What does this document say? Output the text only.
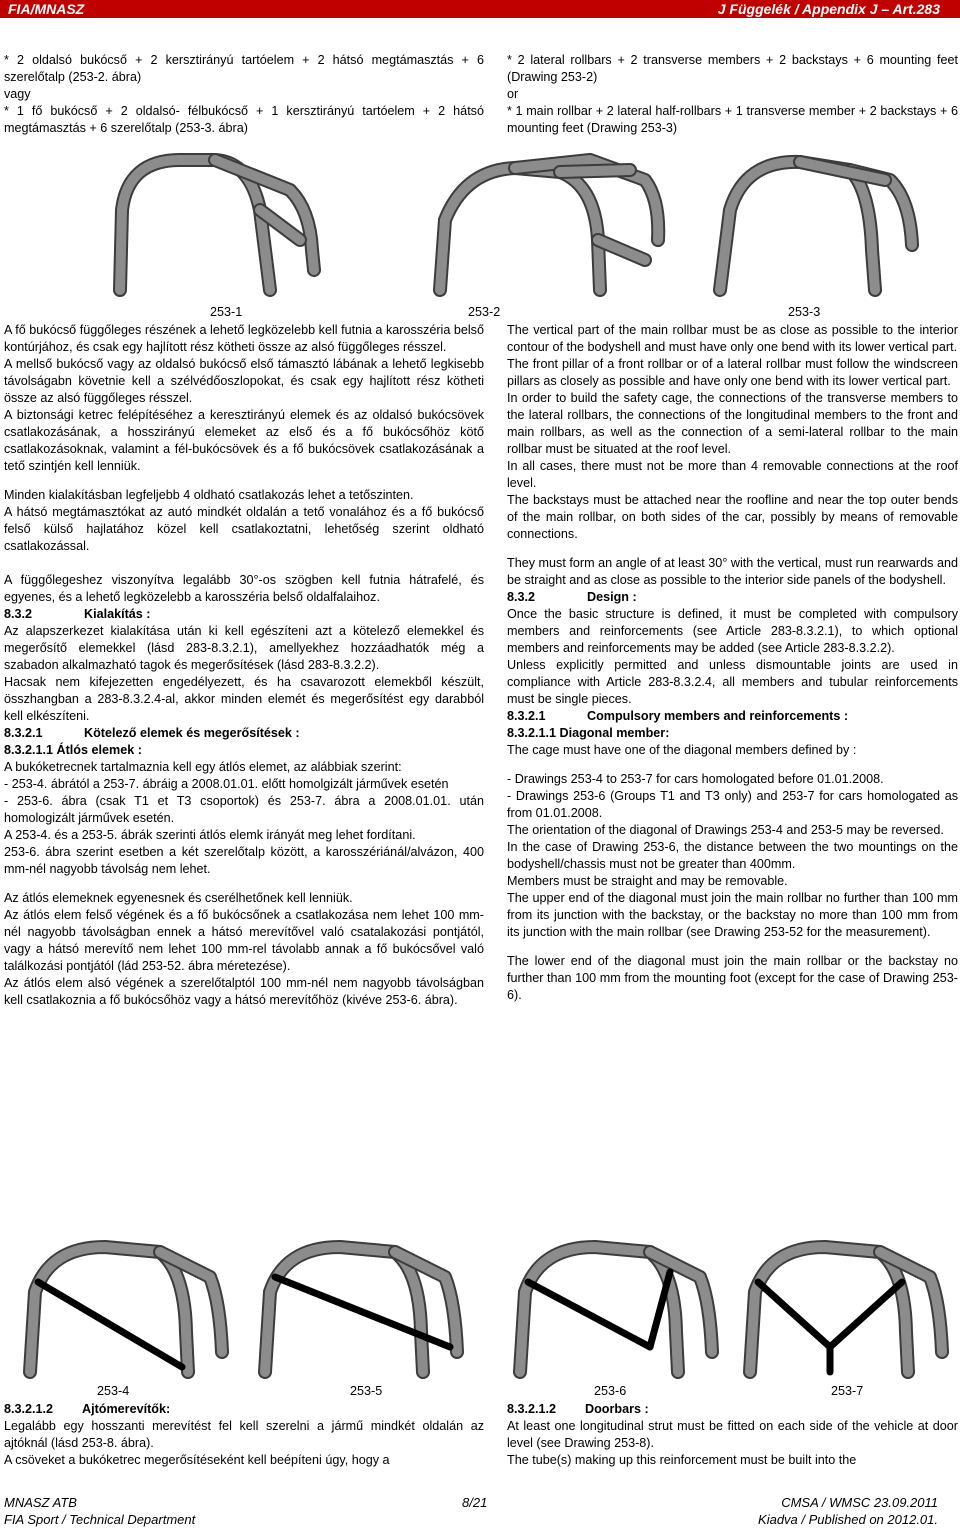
FIA/MNASZ	J Függelék / Appendix J – Art.283

* 2 oldalsó bukócső + 2 kersztirányú tartóelem + 2 hátsó megtámasztás + 6 szerelőtalp (253-2. ábra)

vagy

* 1 fő bukócső + 2 oldalsó- félbukócső + 1 kersztirányú tartóelem + 2 hátsó megtámasztás + 6 szerelőtalp (253-3. ábra)

* 2 lateral rollbars + 2 transverse members + 2 backstays + 6 mounting feet (Drawing 253-2)

or

* 1 main rollbar + 2 lateral half-rollbars + 1 transverse member + 2 backstays + 6 mounting feet (Drawing 253-3)

253-1	253-2	253-3

A fő bukócső függőleges részének a lehető legközelebb kell futnia a karosszéria belső kontúrjához, és csak egy hajlított rész kötheti össze az alsó függőleges résszel.

A mellső bukócső vagy az oldalsó bukócső első támasztó lábának a lehető legkisebb távolságabn követnie kell a szélvédőoszlopokat, és csak egy hajlított rész kötheti össze az alsó függőleges résszel.

A biztonsági ketrec felépítéséhez a keresztirányú elemek és az oldalsó bukócsövek csatlakozásának, a hosszirányú elemeket az első és a fő bukócsőhöz kötő csatlakozásoknak, valamint a fél-bukócsövek és a fő bukócsövek csatlakozásának a tető szintjén kell lenniük.

Minden kialakításban legfeljebb 4 oldható csatlakozás lehet a tetőszinten.

A hátsó megtámasztókat az autó mindkét oldalán a tető vonalához és a fő bukócső felső külső hajlatához közel kell csatlakoztatni, lehetőség szerint oldható csatlakozással.

A függőlegeshez viszonyítva legalább 30°-os szögben kell futnia hátrafelé, és egyenes, és a lehető legközelebb a karosszéria belső oldalfalaihoz.

8.3.2	Kialakítás :

Az alapszerkezet kialakítása után ki kell egészíteni azt a kötelező elemekkel és megerősítő elemekkel (lásd 283-8.3.2.1), amellyekhez hozzáadhatók még a szabadon alkalmazható tagok és megerősítések (lásd 283-8.3.2.2).

Hacsak nem kifejezetten engedélyezett, és ha csavarozott elemekből készült, összhangban a 283-8.3.2.4-al, akkor minden elemét és megerősítést egy darabból kell elkészíteni.

8.3.2.1	Kötelező elemek és megerősítések :

8.3.2.1.1 Átlós elemek :

A bukóketrecnek tartalmaznia kell egy átlós elemet, az alábbiak szerint:

- 253-4. ábrától a 253-7. ábráig a 2008.01.01. előtt homolgizált járművek esetén

- 253-6. ábra (csak T1 et T3 csoportok) és 253-7. ábra a 2008.01.01. után homologizált járművek esetén.

A 253-4. és a 253-5. ábrák szerinti átlós elemk irányát meg lehet fordítani.

253-6. ábra szerint esetben a két szerelőtalp között, a karosszériánál/alvázon, 400 mm-nél nagyobb távolság nem lehet.

Az átlós elemeknek egyenesnek és cserélhetőnek kell lenniük.

Az átlós elem felső végének és a fő bukócsőnek a csatlakozása nem lehet 100 mm-nél nagyobb távolságban ennek a hátsó merevítővel való csatalakozási pontjától, vagy a hátsó merevítő nem lehet 100 mm-rel távolabb annak a fő bukócsővel való találkozási pontjától (lád 253-52. ábra méretezése).

Az átlós elem alsó végének a szerelőtalptól 100 mm-nél nem nagyobb távolságban kell csatlakoznia a fő bukócsőhöz vagy a hátsó merevítőhöz (kivéve 253-6. ábra).

The vertical part of the main rollbar must be as close as possible to the interior contour of the bodyshell and must have only one bend with its lower vertical part.

The front pillar of a front rollbar or of a lateral rollbar must follow the windscreen pillars as closely as possible and have only one bend with its lower vertical part.

In order to build the safety cage, the connections of the transverse members to the lateral rollbars, the connections of the longitudinal members to the front and main rollbars, as well as the connection of a semi-lateral rollbar to the main rollbar must be situated at the roof level.

In all cases, there must not be more than 4 removable connections at the roof level.

The backstays must be attached near the roofline and near the top outer bends of the main rollbar, on both sides of the car, possibly by means of removable connections.

They must form an angle of at least 30° with the vertical, must run rearwards and be straight and as close as possible to the interior side panels of the bodyshell.

8.3.2	Design :

Once the basic structure is defined, it must be completed with compulsory members and reinforcements (see Article 283-8.3.2.1), to which optional members and reinforcements may be added (see Article 283-8.3.2.2).

Unless explicitly permitted and unless dismountable joints are used in compliance with Article 283-8.3.2.4, all members and tubular reinforcements must be single pieces.

8.3.2.1	Compulsory members and reinforcements :

8.3.2.1.1 Diagonal member:

The cage must have one of the diagonal members defined by :

- Drawings 253-4 to 253-7 for cars homologated before 01.01.2008.

- Drawings 253-6 (Groups T1 and T3 only) and 253-7 for cars homologated as from 01.01.2008.

The orientation of the diagonal of Drawings 253-4 and 253-5 may be reversed.

In the case of Drawing 253-6, the distance between the two mountings on the bodyshell/chassis must not be greater than 400mm.

Members must be straight and may be removable.

The upper end of the diagonal must join the main rollbar no further than 100 mm from its junction with the backstay, or the backstay no more than 100 mm from its junction with the main rollbar (see Drawing 253-52 for the measurement).

The lower end of the diagonal must join the main rollbar or the backstay no further than 100 mm from the mounting foot (except for the case of Drawing 253-6).

253-4	253-5	253-6	253-7

8.3.2.1.2 Ajtómerevítők:

Legalább egy hosszanti merevítést fel kell szerelni a jármű mindkét oldalán az ajtóknál (lásd 253-8. ábra).

A csöveket a bukóketrec megerősítéseként kell beépíteni úgy, hogy a

8.3.2.1.2 Doorbars :

At least one longitudinal strut must be fitted on each side of the vehicle at door level (see Drawing 253-8).

The tube(s) making up this reinforcement must be built into the

MNASZ ATB	8/21	CMSA / WMSC 23.09.2011
FIA Sport / Technical Department	Kiadva / Published on 2012.01.
